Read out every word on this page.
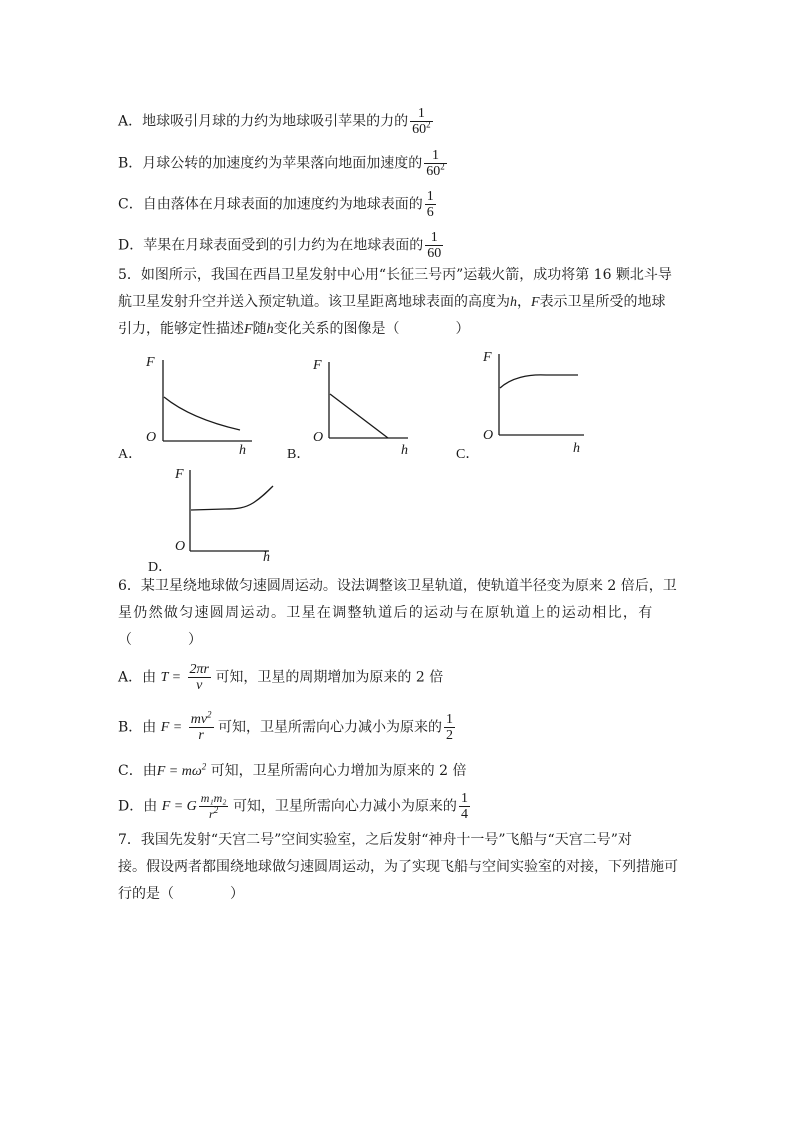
A．地球吸引月球的力约为地球吸引苹果的力的 $\frac{1}{60^2}$
B．月球公转的加速度约为苹果落向地面加速度的 $\frac{1}{60^2}$
C．自由落体在月球表面的加速度约为地球表面的 $\frac{1}{6}$
D．苹果在月球表面受到的引力约为在地球表面的 $\frac{1}{60}$
5．如图所示，我国在西昌卫星发射中心用“长征三号丙”运载火箭，成功将第 16 颗北斗导
航卫星发射升空并送入预定轨道。该卫星距离地球表面的高度为h，F表示卫星所受的地球
引力，能够定性描述F随h变化关系的图像是（　　　　）
A．
F
O
h	B．
F
O
h	C．
F
O
h
D．
F
O
h
6．某卫星绕地球做匀速圆周运动。设法调整该卫星轨道，使轨道半径变为原来 2 倍后，卫
星仍然做匀速圆周运动。卫星在调整轨道后的运动与在原轨道上的运动相比，有
（　　　　）
A．由 $T = \frac{2\pi r}{v}$ 可知，卫星的周期增加为原来的 2 倍
B．由 $F = \frac{mv^2}{r}$ 可知，卫星所需向心力减小为原来的 $\frac{1}{2}$
C．由$F = m\omega^2$ 可知，卫星所需向心力增加为原来的 2 倍
D．由 F = G $\frac{\text{m₁m₂}}{r^2}$ 可知，卫星所需向心力减小为原来的 $\frac{1}{4}$
7．我国先发射“天宫二号”空间实验室，之后发射“神舟十一号”飞船与“天宫二号”对
接。假设两者都围绕地球做匀速圆周运动，为了实现飞船与空间实验室的对接，下列措施可
行的是（　　　　）
